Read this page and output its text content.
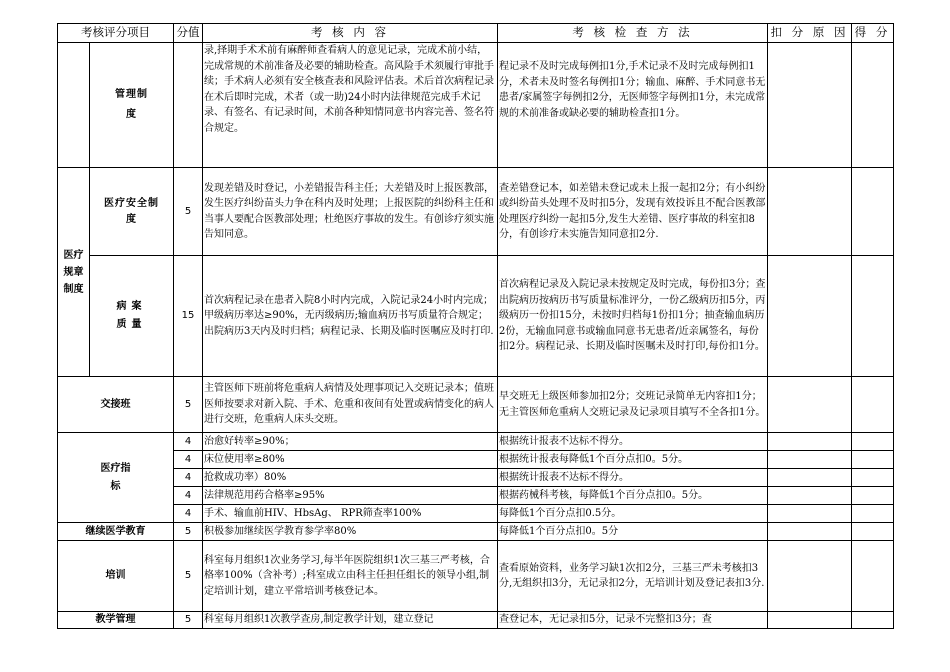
考核评分项目		分值	考 核 内 容	考 核 检 查 方 法	扣 分 原 因	得 分
	管理制度		录,择期手术术前有麻醉师查看病人的意见记录，完成术前小结，完成常规的术前准备及必要的辅助检查。高风险手术须履行审批手续；手术病人必须有安全核查表和风险评估表。术后首次病程记录在术后即时完成，术者（或一助)24小时内法律规范完成手术记录、有签名、有记录时间，术前各种知情同意书内容完善、签名符合规定。	程记录不及时完成每例扣1分,手术记录不及时完成每例扣1分，术者未及时签名每例扣1分；输血、麻醉、手术同意书无患者/家属签字每例扣2分，无医师签字每例扣1分，未完成常规的术前准备或缺必要的辅助检查扣1分。		

医疗规章制度	医疗安全制度	5	发现差错及时登记，小差错报告科主任；大差错及时上报医教部，发生医疗纠纷苗头力争在科内及时处理；上报医院的纠纷科主任和当事人要配合医教部处理；杜绝医疗事故的发生。有创诊疗须实施告知同意。	查差错登记本，如差错未登记或未上报一起扣2分；有小纠纷或纠纷苗头处理不及时扣5分，发现有效投诉且不配合医教部处理医疗纠纷一起扣5分,发生大差错、医疗事故的科室扣8分，有创诊疗未实施告知同意扣2分.		
	病案质量	15	首次病程记录在患者入院8小时内完成，入院记录24小时内完成；甲级病历率达≥90%，无丙级病历;输血病历书写质量符合规定；出院病历3天内及时归档；病程记录、长期及临时医嘱应及时打印.	首次病程记录及入院记录未按规定及时完成，每份扣3分；查出院病历按病历书写质量标准评分，一份乙级病历扣5分，丙级病历一份扣15分，未按时归档每1份扣1分；抽查输血病历2份，无输血同意书或输血同意书无患者/近亲属签名，每份扣2分。病程记录、长期及临时医嘱未及时打印,每份扣1分。		
交接班		5	主管医师下班前将危重病人病情及处理事项记入交班记录本；值班医师按要求对新入院、手术、危重和夜间有处置或病情变化的病人进行交班，危重病人床头交班。	早交班无上级医师参加扣2分；交班记录简单无内容扣1分；无主管医师危重病人交班记录及记录项目填写不全各扣1分。		
医疗指标		4	治愈好转率≥90%；	根据统计报表不达标不得分。		
		4	床位使用率≥80%	根据统计报表每降低1个百分点扣0。5分。		
		4	抢救成功率）80%	根据统计报表不达标不得分。		
		4	法律规范用药合格率≥95%	根据药械科考核，每降低1个百分点扣0。5分。		
		4	手术、输血前HIV、HbsAg、 RPR筛查率100%	每降低1个百分点扣0.5分。		
继续医学教育		5	积极参加继续医学教育参学率80%	每降低1个百分点扣0。5分		
培训		5	科室每月组织1次业务学习,每半年医院组织1次三基三严考核，合格率100%（含补考）;科室成立由科主任担任组长的领导小组,制定培训计划，建立平常培训考核登记本。	查看原始资料，业务学习缺1次扣2分，三基三严未考核扣3分,无组织扣3分，无记录扣2分，无培训计划及登记表扣3分.		
教学管理		5	科室每月组织1次教学查房,制定教学计划，建立登记	查登记本，无记录扣5分，记录不完整扣3分；查		
